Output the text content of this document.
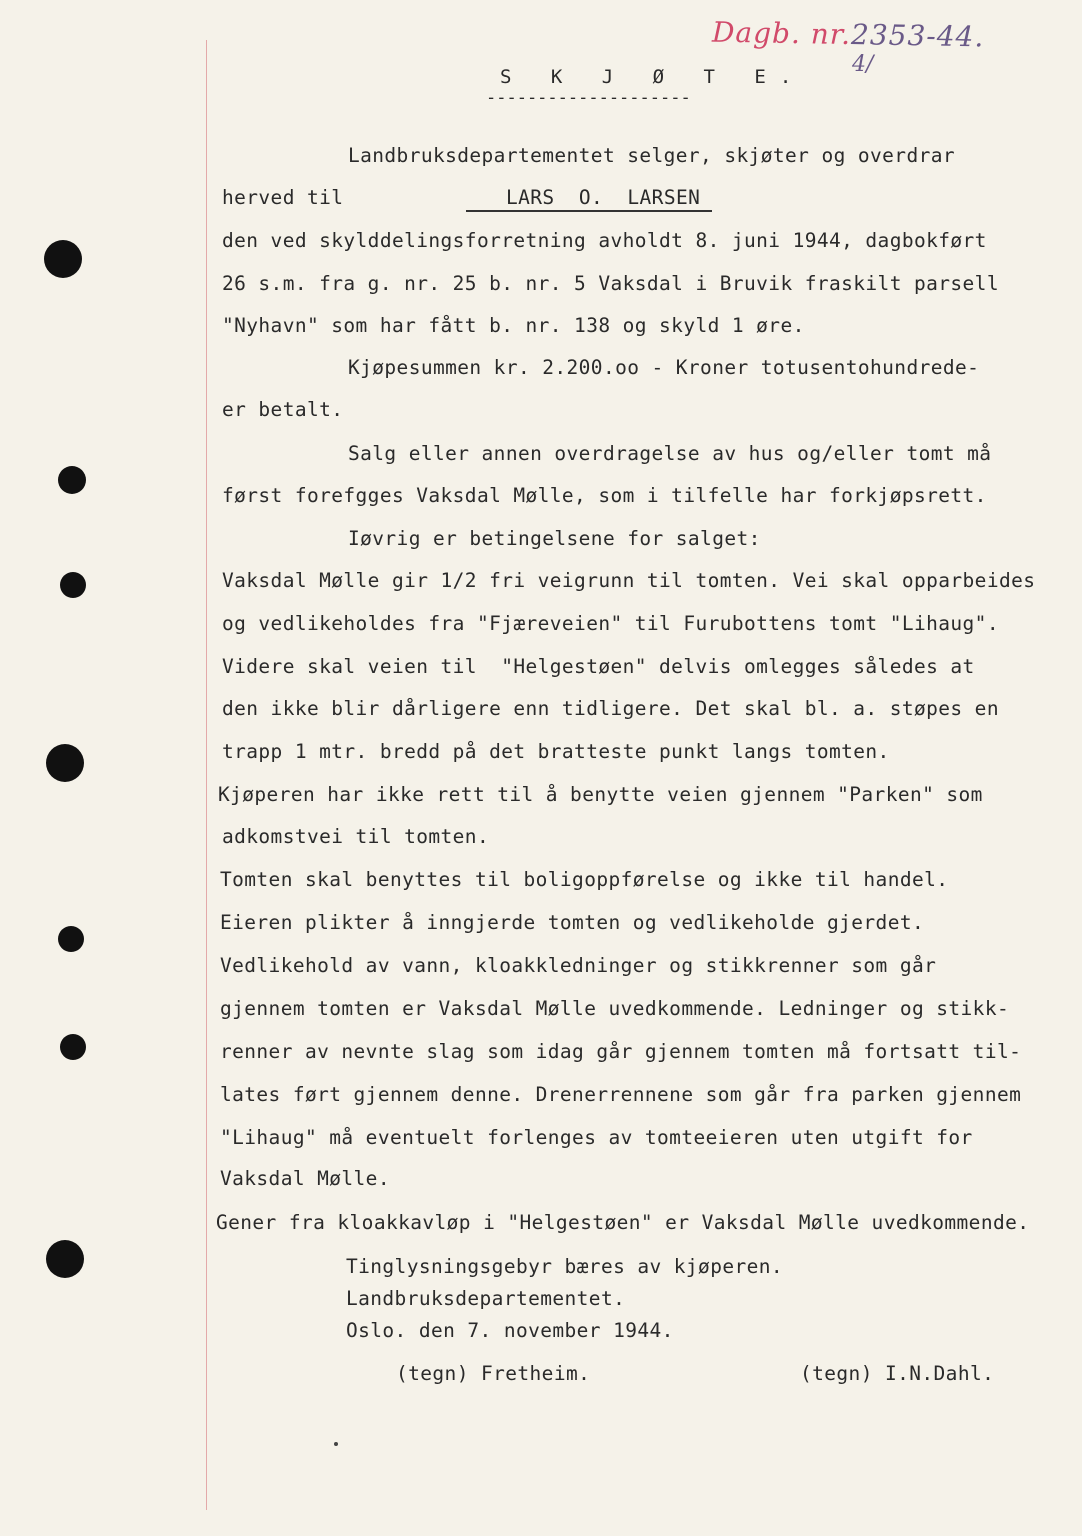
Dagb. nr.2353-44.
4/
S K J Ø T E.
--------------------
Landbruksdepartementet selger, skjøter og overdrar
herved til	LARS  O.  LARSEN
den ved skylddelingsforretning avholdt 8. juni 1944, dagbokført
26 s.m. fra g. nr. 25 b. nr. 5 Vaksdal i Bruvik fraskilt parsell
"Nyhavn" som har fått b. nr. 138 og skyld 1 øre.
Kjøpesummen kr. 2.200.oo - Kroner totusentohundrede-
er betalt.
Salg eller annen overdragelse av hus og/eller tomt må
først forefgges Vaksdal Mølle, som i tilfelle har forkjøpsrett.
Iøvrig er betingelsene for salget:
Vaksdal Mølle gir 1/2 fri veigrunn til tomten. Vei skal opparbeides
og vedlikeholdes fra "Fjæreveien" til Furubottens tomt "Lihaug".
Videre skal veien til  "Helgestøen" delvis omlegges således at
den ikke blir dårligere enn tidligere. Det skal bl. a. støpes en
trapp 1 mtr. bredd på det bratteste punkt langs tomten.
Kjøperen har ikke rett til å benytte veien gjennem "Parken" som
adkomstvei til tomten.
Tomten skal benyttes til boligoppførelse og ikke til handel.
Eieren plikter å inngjerde tomten og vedlikeholde gjerdet.
Vedlikehold av vann, kloakkledninger og stikkrenner som går
gjennem tomten er Vaksdal Mølle uvedkommende. Ledninger og stikk-
renner av nevnte slag som idag går gjennem tomten må fortsatt til-
lates ført gjennem denne. Drenerrennene som går fra parken gjennem
"Lihaug" må eventuelt forlenges av tomteeieren uten utgift for
Vaksdal Mølle.
Gener fra kloakkavløp i "Helgestøen" er Vaksdal Mølle uvedkommende.
Tinglysningsgebyr bæres av kjøperen.
Landbruksdepartementet.
Oslo. den 7. november 1944.
(tegn) Fretheim.	(tegn) I.N.Dahl.
